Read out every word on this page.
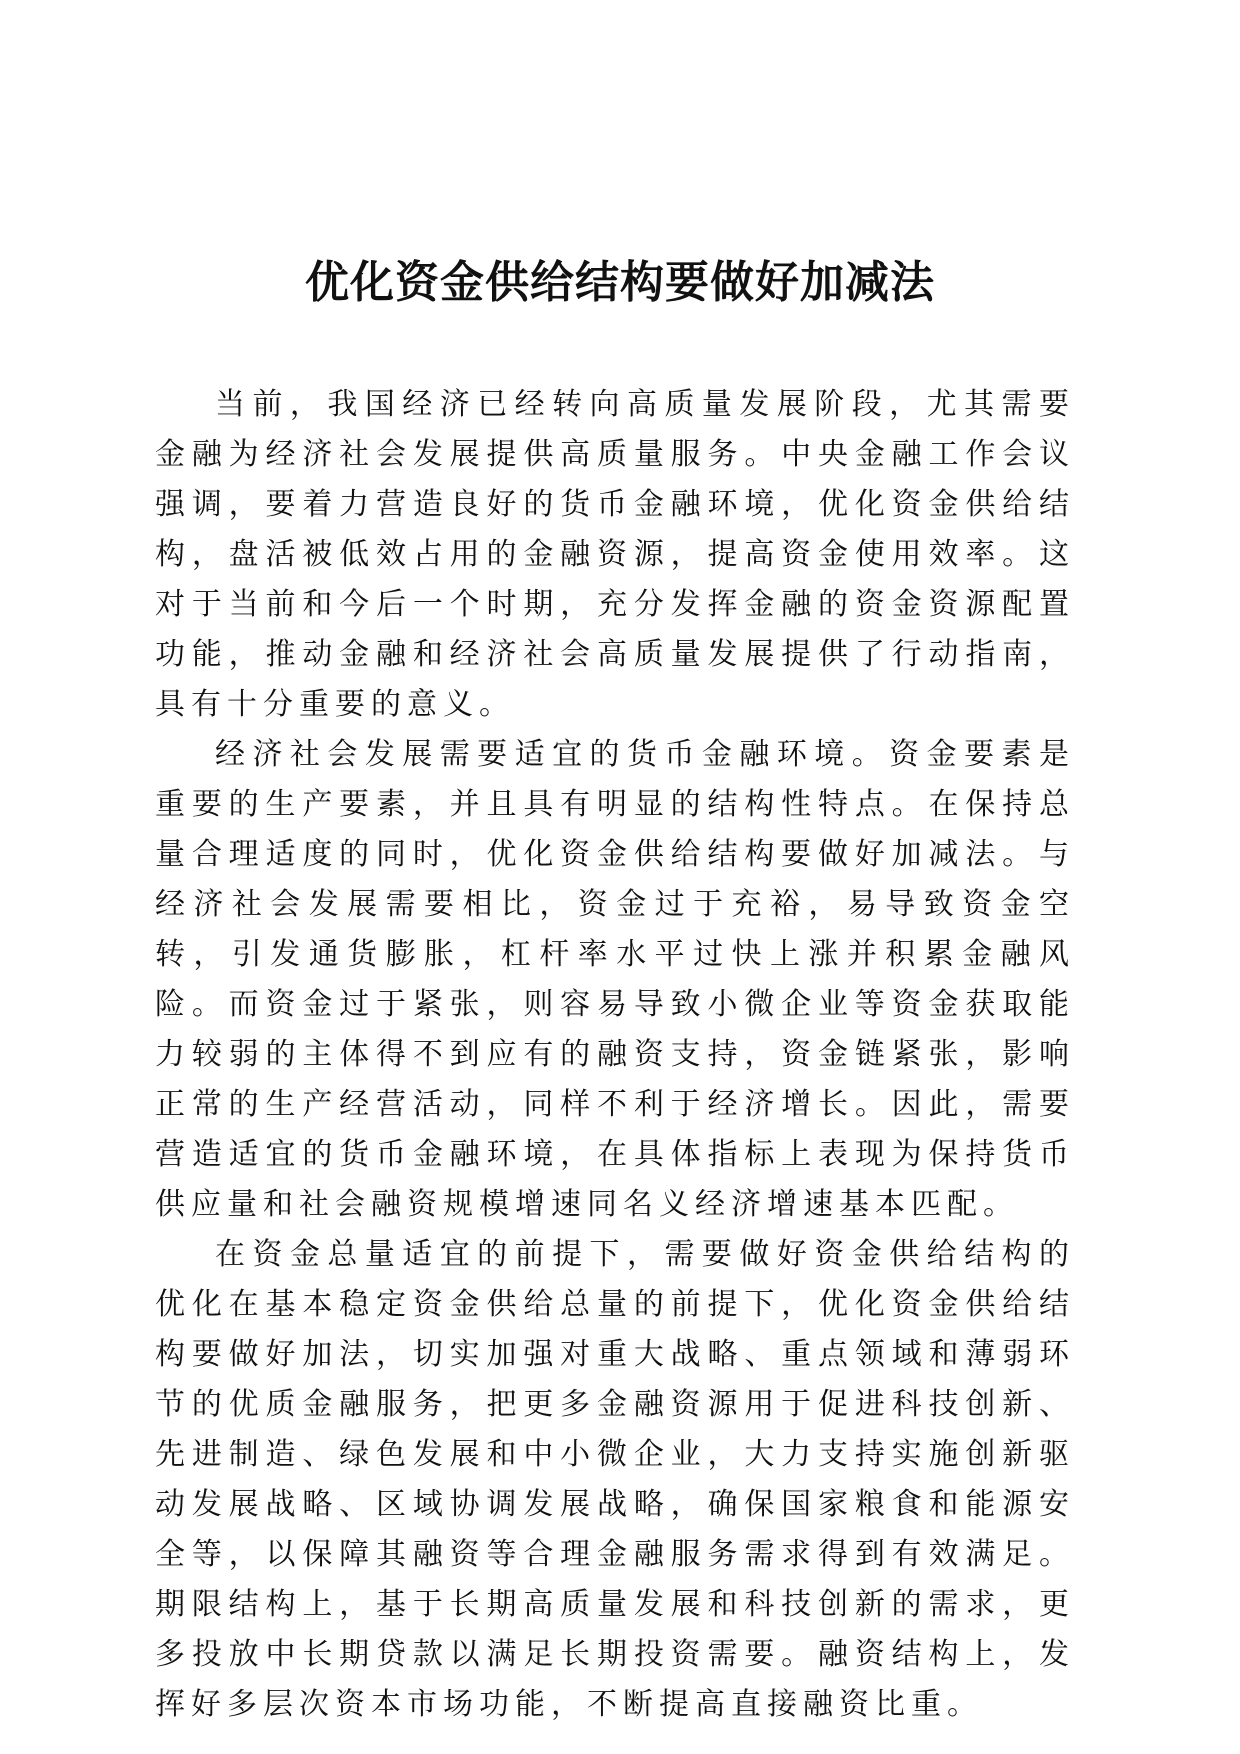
优化资金供给结构要做好加减法

当前，我国经济已经转向高质量发展阶段，尤其需要金融为经济社会发展提供高质量服务。中央金融工作会议强调，要着力营造良好的货币金融环境，优化资金供给结构，盘活被低效占用的金融资源，提高资金使用效率。这对于当前和今后一个时期，充分发挥金融的资金资源配置功能，推动金融和经济社会高质量发展提供了行动指南，具有十分重要的意义。

经济社会发展需要适宜的货币金融环境。资金要素是重要的生产要素，并且具有明显的结构性特点。在保持总量合理适度的同时，优化资金供给结构要做好加减法。与经济社会发展需要相比，资金过于充裕，易导致资金空转，引发通货膨胀，杠杆率水平过快上涨并积累金融风险。而资金过于紧张，则容易导致小微企业等资金获取能力较弱的主体得不到应有的融资支持，资金链紧张，影响正常的生产经营活动，同样不利于经济增长。因此，需要营造适宜的货币金融环境，在具体指标上表现为保持货币供应量和社会融资规模增速同名义经济增速基本匹配。

在资金总量适宜的前提下，需要做好资金供给结构的优化在基本稳定资金供给总量的前提下，优化资金供给结构要做好加法，切实加强对重大战略、重点领域和薄弱环节的优质金融服务，把更多金融资源用于促进科技创新、先进制造、绿色发展和中小微企业，大力支持实施创新驱动发展战略、区域协调发展战略，确保国家粮食和能源安全等，以保障其融资等合理金融服务需求得到有效满足。期限结构上，基于长期高质量发展和科技创新的需求，更多投放中长期贷款以满足长期投资需要。融资结构上，发挥好多层次资本市场功能，不断提高直接融资比重。
